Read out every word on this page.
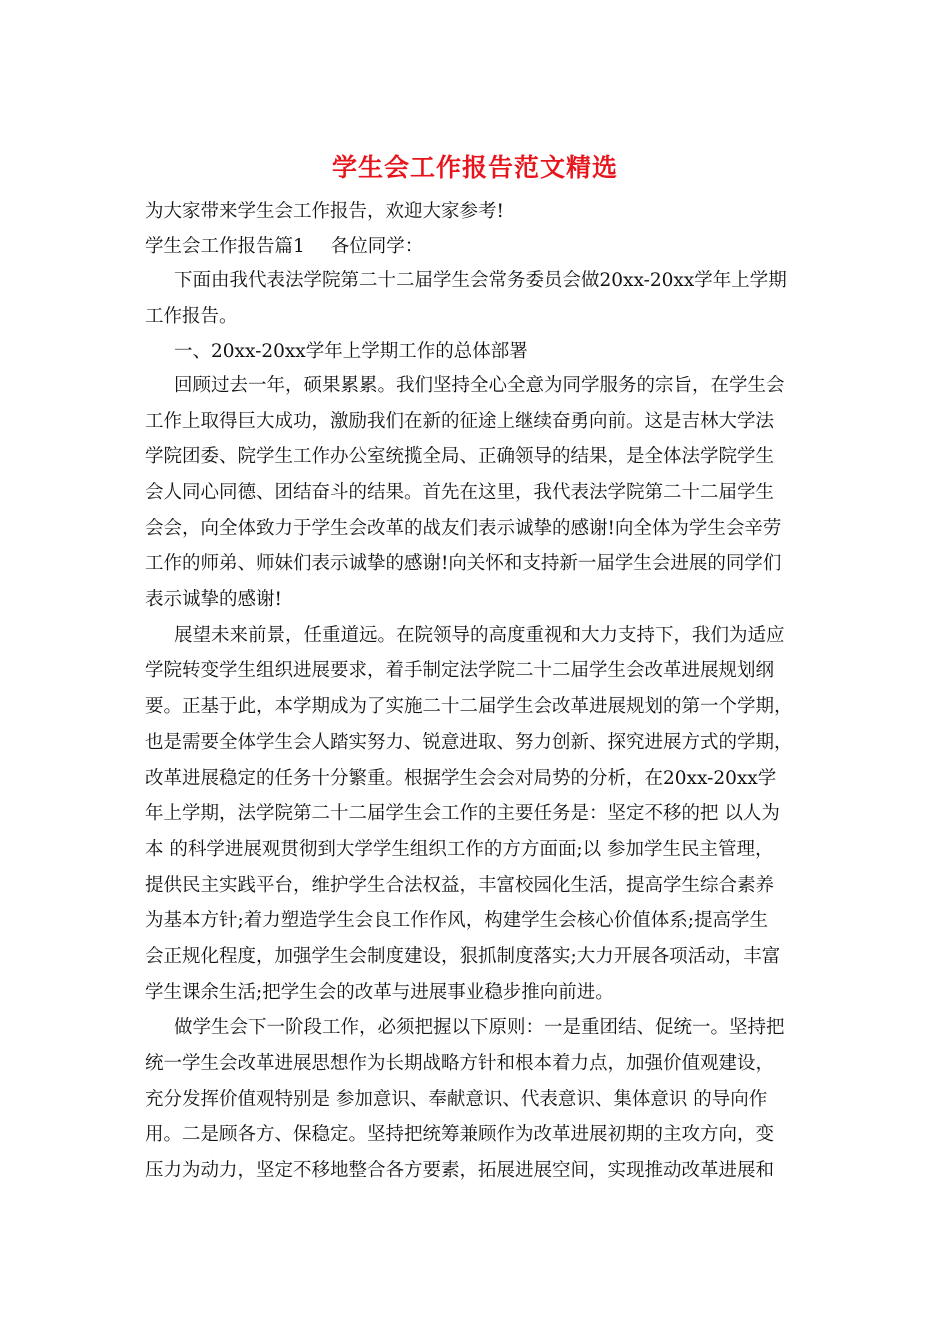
学生会工作报告范文精选

为大家带来学生会工作报告，欢迎大家参考!

学生会工作报告篇1 各位同学：

下面由我代表法学院第二十二届学生会常务委员会做20xx-20xx学年上学期

工作报告。

一、20xx-20xx学年上学期工作的总体部署

回顾过去一年，硕果累累。我们坚持全心全意为同学服务的宗旨，在学生会

工作上取得巨大成功，激励我们在新的征途上继续奋勇向前。这是吉林大学法

学院团委、院学生工作办公室统揽全局、正确领导的结果，是全体法学院学生

会人同心同德、团结奋斗的结果。首先在这里，我代表法学院第二十二届学生

会会，向全体致力于学生会改革的战友们表示诚挚的感谢!向全体为学生会辛劳

工作的师弟、师妹们表示诚挚的感谢!向关怀和支持新一届学生会进展的同学们

表示诚挚的感谢!

展望未来前景，任重道远。在院领导的高度重视和大力支持下，我们为适应

学院转变学生组织进展要求，着手制定法学院二十二届学生会改革进展规划纲

要。正基于此，本学期成为了实施二十二届学生会改革进展规划的第一个学期，

也是需要全体学生会人踏实努力、锐意进取、努力创新、探究进展方式的学期，

改革进展稳定的任务十分繁重。根据学生会会对局势的分析，在20xx-20xx学

年上学期，法学院第二十二届学生会工作的主要任务是：坚定不移的把 以人为

本 的科学进展观贯彻到大学学生组织工作的方方面面;以 参加学生民主管理，

提供民主实践平台，维护学生合法权益，丰富校园化生活，提高学生综合素养

为基本方针;着力塑造学生会良工作作风，构建学生会核心价值体系;提高学生

会正规化程度，加强学生会制度建设，狠抓制度落实;大力开展各项活动，丰富

学生课余生活;把学生会的改革与进展事业稳步推向前进。

做学生会下一阶段工作，必须把握以下原则：一是重团结、促统一。坚持把

统一学生会改革进展思想作为长期战略方针和根本着力点，加强价值观建设，

充分发挥价值观特别是 参加意识、奉献意识、代表意识、集体意识 的导向作

用。二是顾各方、保稳定。坚持把统筹兼顾作为改革进展初期的主攻方向，变

压力为动力，坚定不移地整合各方要素，拓展进展空间，实现推动改革进展和
